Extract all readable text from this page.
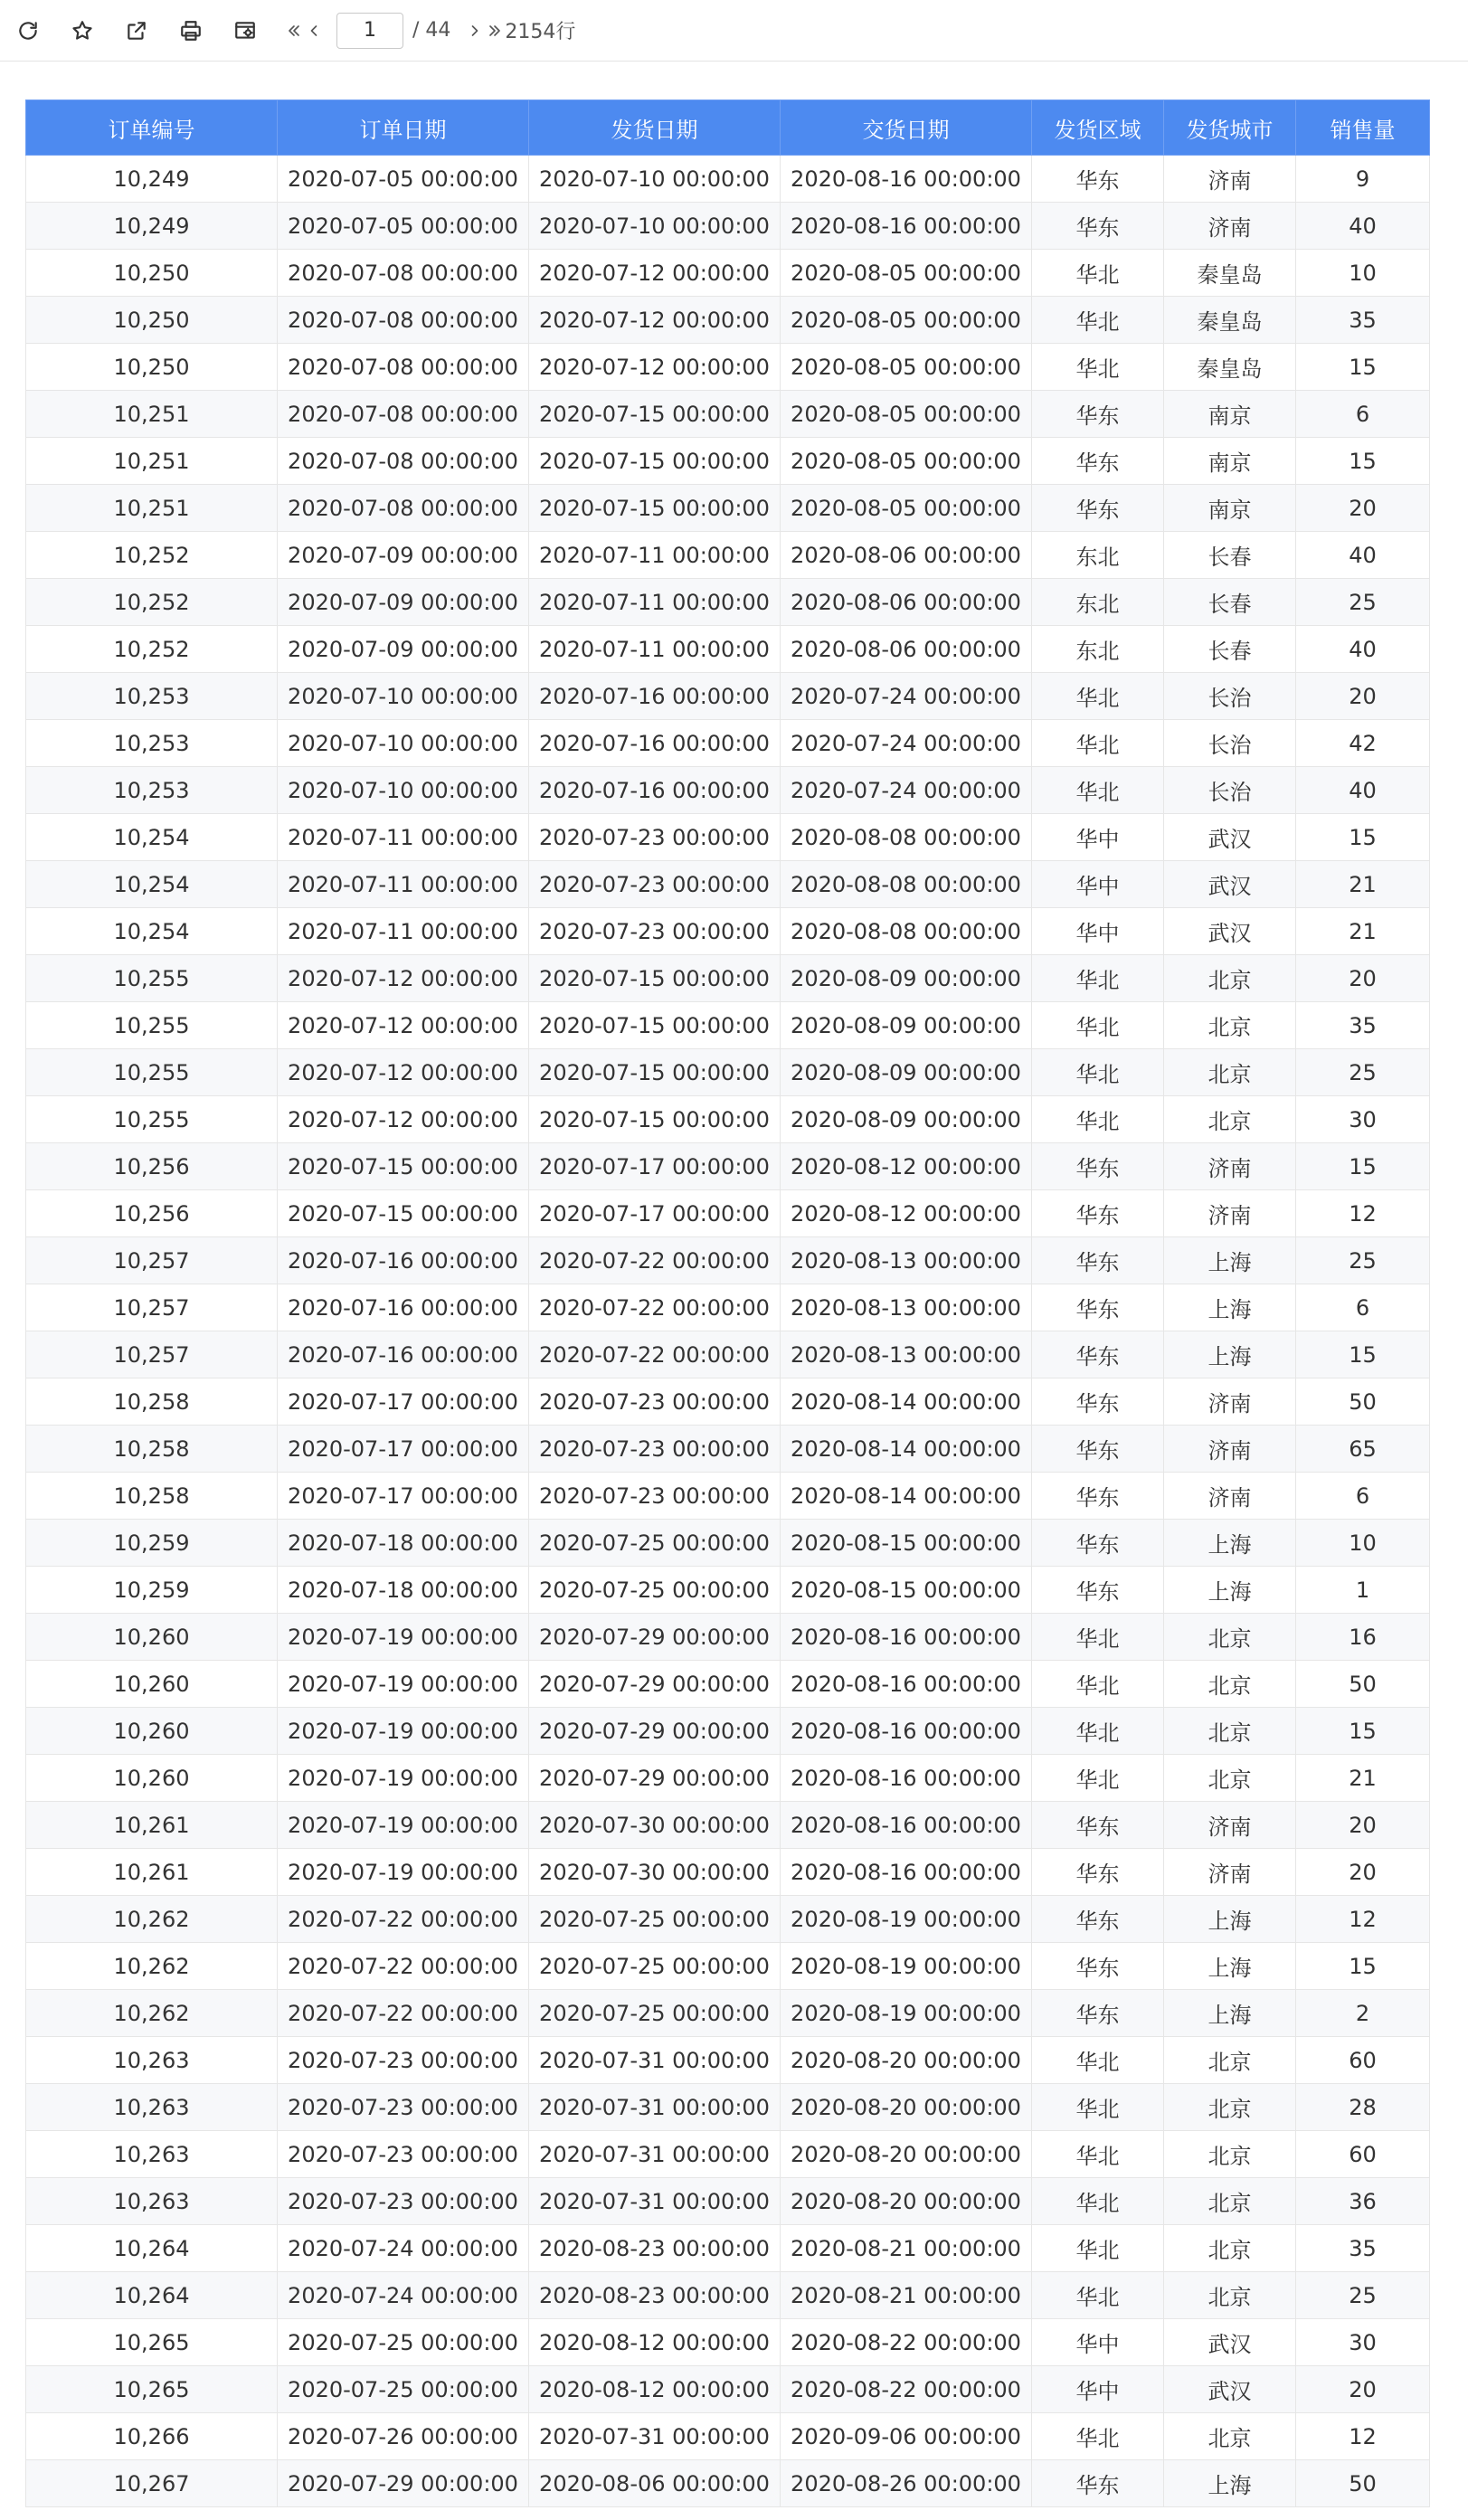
1
/ 44	2154行
订单编号	订单日期	发货日期	交货日期	发货区域	发货城市	销售量
10,249	2020-07-05 00:00:00	2020-07-10 00:00:00	2020-08-16 00:00:00	华东	济南	9
10,249	2020-07-05 00:00:00	2020-07-10 00:00:00	2020-08-16 00:00:00	华东	济南	40
10,250	2020-07-08 00:00:00	2020-07-12 00:00:00	2020-08-05 00:00:00	华北	秦皇岛	10
10,250	2020-07-08 00:00:00	2020-07-12 00:00:00	2020-08-05 00:00:00	华北	秦皇岛	35
10,250	2020-07-08 00:00:00	2020-07-12 00:00:00	2020-08-05 00:00:00	华北	秦皇岛	15
10,251	2020-07-08 00:00:00	2020-07-15 00:00:00	2020-08-05 00:00:00	华东	南京	6
10,251	2020-07-08 00:00:00	2020-07-15 00:00:00	2020-08-05 00:00:00	华东	南京	15
10,251	2020-07-08 00:00:00	2020-07-15 00:00:00	2020-08-05 00:00:00	华东	南京	20
10,252	2020-07-09 00:00:00	2020-07-11 00:00:00	2020-08-06 00:00:00	东北	长春	40
10,252	2020-07-09 00:00:00	2020-07-11 00:00:00	2020-08-06 00:00:00	东北	长春	25
10,252	2020-07-09 00:00:00	2020-07-11 00:00:00	2020-08-06 00:00:00	东北	长春	40
10,253	2020-07-10 00:00:00	2020-07-16 00:00:00	2020-07-24 00:00:00	华北	长治	20
10,253	2020-07-10 00:00:00	2020-07-16 00:00:00	2020-07-24 00:00:00	华北	长治	42
10,253	2020-07-10 00:00:00	2020-07-16 00:00:00	2020-07-24 00:00:00	华北	长治	40
10,254	2020-07-11 00:00:00	2020-07-23 00:00:00	2020-08-08 00:00:00	华中	武汉	15
10,254	2020-07-11 00:00:00	2020-07-23 00:00:00	2020-08-08 00:00:00	华中	武汉	21
10,254	2020-07-11 00:00:00	2020-07-23 00:00:00	2020-08-08 00:00:00	华中	武汉	21
10,255	2020-07-12 00:00:00	2020-07-15 00:00:00	2020-08-09 00:00:00	华北	北京	20
10,255	2020-07-12 00:00:00	2020-07-15 00:00:00	2020-08-09 00:00:00	华北	北京	35
10,255	2020-07-12 00:00:00	2020-07-15 00:00:00	2020-08-09 00:00:00	华北	北京	25
10,255	2020-07-12 00:00:00	2020-07-15 00:00:00	2020-08-09 00:00:00	华北	北京	30
10,256	2020-07-15 00:00:00	2020-07-17 00:00:00	2020-08-12 00:00:00	华东	济南	15
10,256	2020-07-15 00:00:00	2020-07-17 00:00:00	2020-08-12 00:00:00	华东	济南	12
10,257	2020-07-16 00:00:00	2020-07-22 00:00:00	2020-08-13 00:00:00	华东	上海	25
10,257	2020-07-16 00:00:00	2020-07-22 00:00:00	2020-08-13 00:00:00	华东	上海	6
10,257	2020-07-16 00:00:00	2020-07-22 00:00:00	2020-08-13 00:00:00	华东	上海	15
10,258	2020-07-17 00:00:00	2020-07-23 00:00:00	2020-08-14 00:00:00	华东	济南	50
10,258	2020-07-17 00:00:00	2020-07-23 00:00:00	2020-08-14 00:00:00	华东	济南	65
10,258	2020-07-17 00:00:00	2020-07-23 00:00:00	2020-08-14 00:00:00	华东	济南	6
10,259	2020-07-18 00:00:00	2020-07-25 00:00:00	2020-08-15 00:00:00	华东	上海	10
10,259	2020-07-18 00:00:00	2020-07-25 00:00:00	2020-08-15 00:00:00	华东	上海	1
10,260	2020-07-19 00:00:00	2020-07-29 00:00:00	2020-08-16 00:00:00	华北	北京	16
10,260	2020-07-19 00:00:00	2020-07-29 00:00:00	2020-08-16 00:00:00	华北	北京	50
10,260	2020-07-19 00:00:00	2020-07-29 00:00:00	2020-08-16 00:00:00	华北	北京	15
10,260	2020-07-19 00:00:00	2020-07-29 00:00:00	2020-08-16 00:00:00	华北	北京	21
10,261	2020-07-19 00:00:00	2020-07-30 00:00:00	2020-08-16 00:00:00	华东	济南	20
10,261	2020-07-19 00:00:00	2020-07-30 00:00:00	2020-08-16 00:00:00	华东	济南	20
10,262	2020-07-22 00:00:00	2020-07-25 00:00:00	2020-08-19 00:00:00	华东	上海	12
10,262	2020-07-22 00:00:00	2020-07-25 00:00:00	2020-08-19 00:00:00	华东	上海	15
10,262	2020-07-22 00:00:00	2020-07-25 00:00:00	2020-08-19 00:00:00	华东	上海	2
10,263	2020-07-23 00:00:00	2020-07-31 00:00:00	2020-08-20 00:00:00	华北	北京	60
10,263	2020-07-23 00:00:00	2020-07-31 00:00:00	2020-08-20 00:00:00	华北	北京	28
10,263	2020-07-23 00:00:00	2020-07-31 00:00:00	2020-08-20 00:00:00	华北	北京	60
10,263	2020-07-23 00:00:00	2020-07-31 00:00:00	2020-08-20 00:00:00	华北	北京	36
10,264	2020-07-24 00:00:00	2020-08-23 00:00:00	2020-08-21 00:00:00	华北	北京	35
10,264	2020-07-24 00:00:00	2020-08-23 00:00:00	2020-08-21 00:00:00	华北	北京	25
10,265	2020-07-25 00:00:00	2020-08-12 00:00:00	2020-08-22 00:00:00	华中	武汉	30
10,265	2020-07-25 00:00:00	2020-08-12 00:00:00	2020-08-22 00:00:00	华中	武汉	20
10,266	2020-07-26 00:00:00	2020-07-31 00:00:00	2020-09-06 00:00:00	华北	北京	12
10,267	2020-07-29 00:00:00	2020-08-06 00:00:00	2020-08-26 00:00:00	华东	上海	50
